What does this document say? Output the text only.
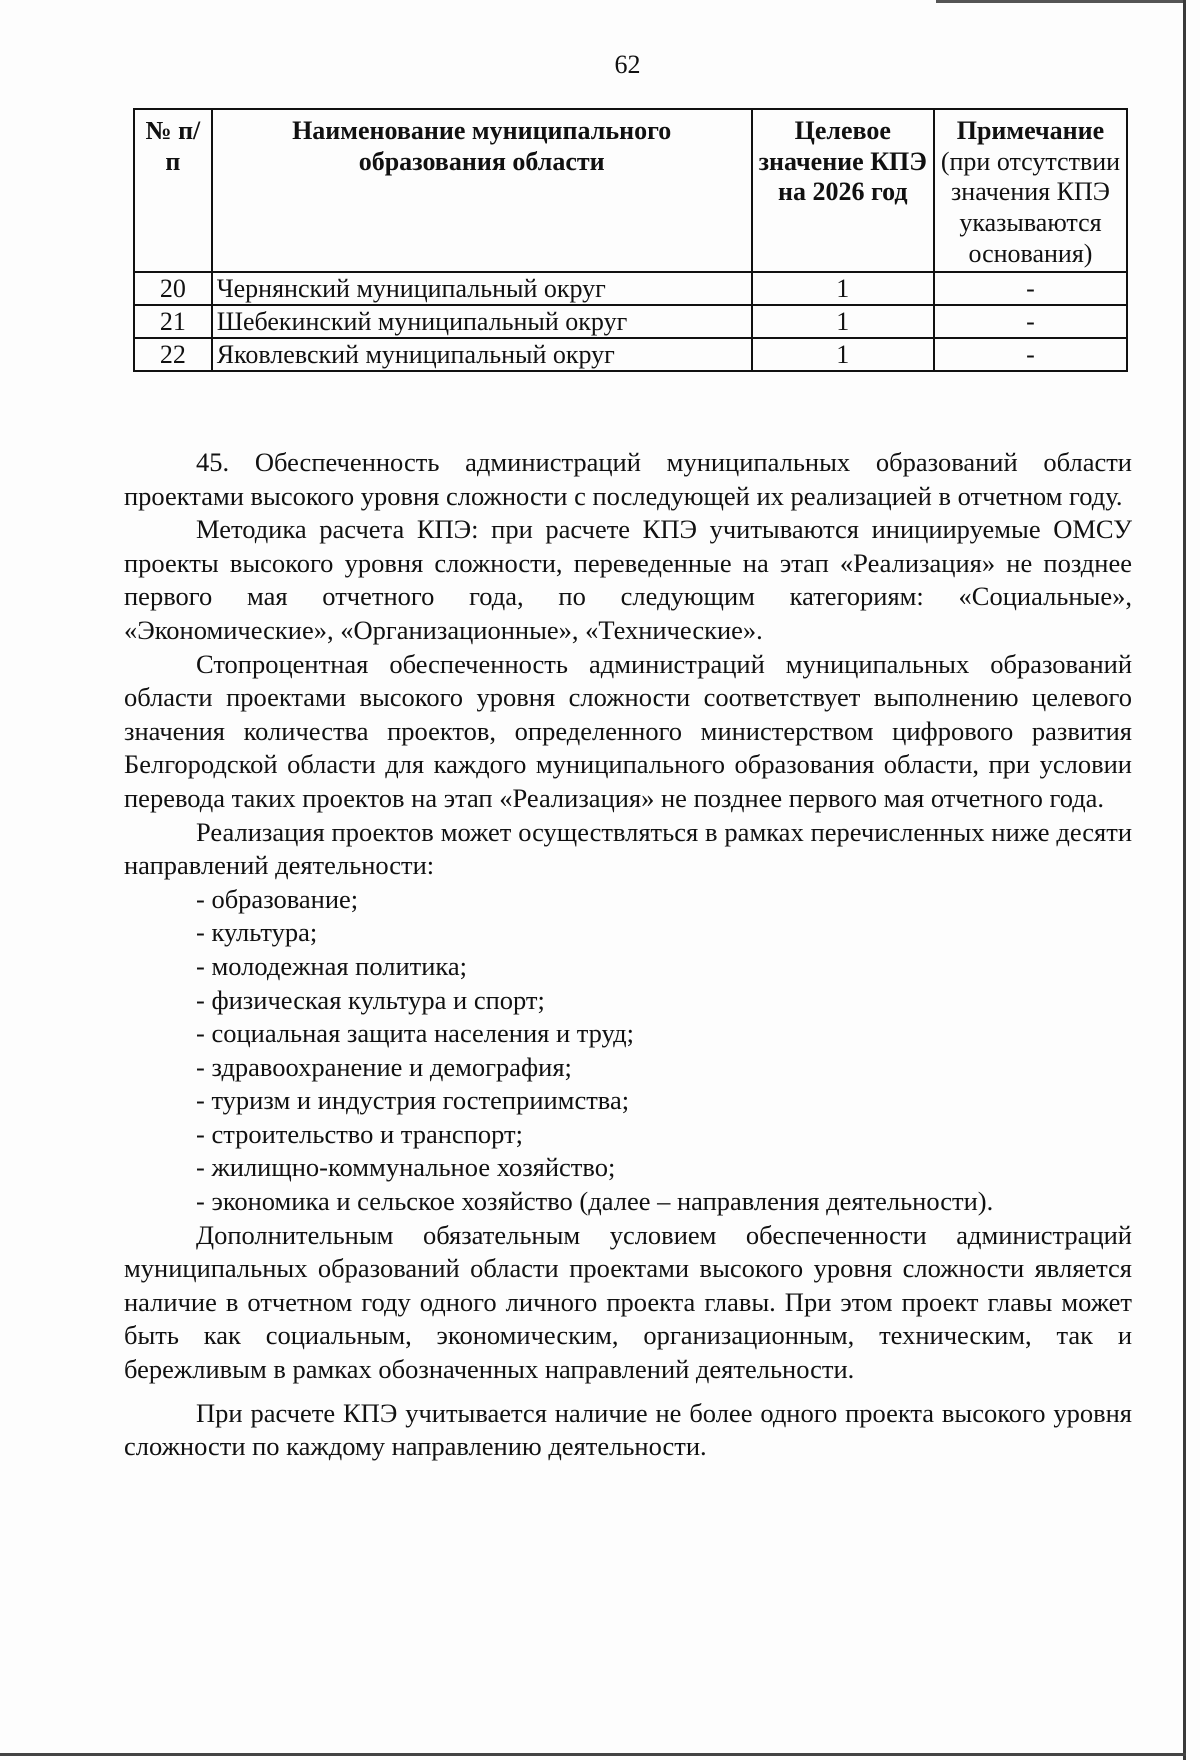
62
№ п/п	Наименование муниципального образования области	Целевое значение КПЭ на 2026 год	Примечание (при отсутствии значения КПЭ указываются основания)
20	Чернянский муниципальный округ	1	-
21	Шебекинский муниципальный округ	1	-
22	Яковлевский муниципальный округ	1	-

45. Обеспеченность администраций муниципальных образований области проектами высокого уровня сложности с последующей их реализацией в отчетном году.

Методика расчета КПЭ: при расчете КПЭ учитываются инициируемые ОМСУ проекты высокого уровня сложности, переведенные на этап «Реализация» не позднее первого мая отчетного года, по следующим категориям: «Социальные», «Экономические», «Организационные», «Технические».

Стопроцентная обеспеченность администраций муниципальных образований области проектами высокого уровня сложности соответствует выполнению целевого значения количества проектов, определенного министерством цифрового развития Белгородской области для каждого муниципального образования области, при условии перевода таких проектов на этап «Реализация» не позднее первого мая отчетного года.

Реализация проектов может осуществляться в рамках перечисленных ниже десяти направлений деятельности:

- образование;

- культура;

- молодежная политика;

- физическая культура и спорт;

- социальная защита населения и труд;

- здравоохранение и демография;

- туризм и индустрия гостеприимства;

- строительство и транспорт;

- жилищно-коммунальное хозяйство;

- экономика и сельское хозяйство (далее – направления деятельности).

Дополнительным обязательным условием обеспеченности администраций муниципальных образований области проектами высокого уровня сложности является наличие в отчетном году одного личного проекта главы. При этом проект главы может быть как социальным, экономическим, организационным, техническим, так и бережливым в рамках обозначенных направлений деятельности.

При расчете КПЭ учитывается наличие не более одного проекта высокого уровня сложности по каждому направлению деятельности.
